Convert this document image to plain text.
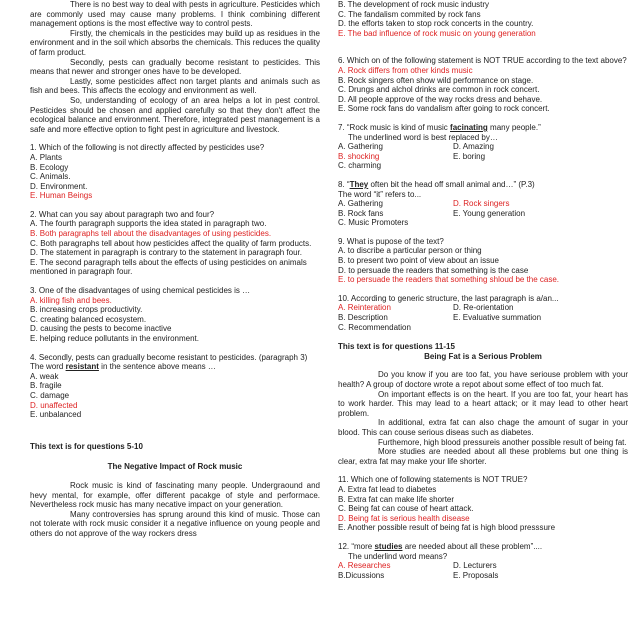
There is no best way to deal with pests in agriculture. Pesticides which are commonly used may cause many problems. I think combining different management options is the most effective way to control pests.

Firstly, the chemicals in the pesticides may build up as residues in the environment and in the soil which absorbs the chemicals. This reduces the quality of farm product.

Secondly, pests can gradually become resistant to pesticides. This means that newer and stronger ones have to be developed.

Lastly, some pesticides affect non target plants and animals such as fish and bees. This affects the ecology and environment as well.

So, understanding of ecology of an area helps a lot in pest control. Pesticides should be chosen and applied carefully so that they don't affect the ecological balance and environment. Therefore, integrated pest management is a safe and more effective option to fight pest in agriculture and livestock.

1. Which of the following is not directly affected by pesticides use?

A. Plants

B. Ecology

C. Animals.

D. Environment.

E. Human Beings

2. What can you say about paragraph two and four?

A. The fourth paragraph supports the idea stated in paragraph two.

B. Both paragraphs tell about the disadvantages of using pesticides.

C. Both paragraphs tell about how pesticides affect the quality of farm products.

D. The statement in paragraph is contrary to the statement in paragraph four.

E. The second paragraph tells about the effects of using pesticides on animals mentioned in paragraph four.

3. One of the disadvantages of using chemical pesticides is …

A. killing fish and bees.

B. increasing crops productivity.

C. creating balanced ecosystem.

D. causing the pests to become inactive

E. helping reduce pollutants in the environment.

4. Secondly, pests can gradually become resistant to pesticides. (paragraph 3)

The word resistant in the sentence above means …

A. weak

B. fragile

C. damage

D. unaffected

E. unbalanced

This text is for questions 5-10

The Negative Impact of Rock music

Rock music is kind of fascinating many people. Undergraound and hevy mental, for example, offer different pacakge of style and performace. Nevertheless rock music has many necative impact on your generation.

Many controversies has sprung around this kind of music. Those can not tolerate with rock music consider it a negative influence on young people and others do not approve of the way rockers dress

B. The development of rock music industry

C. The fandalism commited by rock fans

D. the efforts taken to stop rock concerts in the country.

E. The bad influence of rock music on young generation

6. Which on of the following statement is NOT TRUE according to the text above?

A. Rock differs from other kinds music

B. Rock singers often show wild performance on stage.

C. Drungs and alchol drinks are common in rock concert.

D. All people approve of the way rocks dress and behave.

E. Some rock fans do vandalism after going to rock concert.

7. “Rock music is kind of music facinating many people.”

The underlined word is best replaced by…

A. Gathering	D. Amazing
B. shocking	E. boring
C. charming

8. “They often bit the head off small animal and…” (P.3)

The word “it” refers to...

A. Gathering	D. Rock singers
B. Rock fans	E. Young generation
C. Music Promoters

9. What is pupose of the text?

A. to discribe a particular person or thing

B. to present two point of view about an issue

D. to persuade the readers that something is the case

E. to persuade the readers that something shloud be the case.

10. According to generic structure, the last paragraph is a/an...

A. Reinteration	D. Re-orientation
B. Description	E. Evaluative summation
C. Recommendation

This text is for questions 11-15

Being Fat is a Serious Problem

Do you know if you are too fat, you have seriouse problem with your health? A group of doctore wrote a repot about some effect of too much fat.

On important effects is on the heart. If you are too fat, your heart has to work harder. This may lead to a heart attack; or it may lead to other heart problem.

In additional, extra fat can also chage the amount of sugar in your blood. This can couse serious diseas such as diabetes.

Furthemore, high blood pressureis another possible result of being fat.

More studies are needed about all these problems but one thing is clear, extra fat may make your life shorter.

11. Which one of following statements is NOT TRUE?

A. Extra fat lead to diabetes

B. Extra fat can make life shorter

C. Being fat can couse of heart attack.

D. Being fat is serious health disease

E. Another possible result of being fat is high blood presssure

12. “more studies are needed about all these problem”....

The underlind word means?

A. Researches	D. Lecturers
B.Dicussions	E. Proposals
